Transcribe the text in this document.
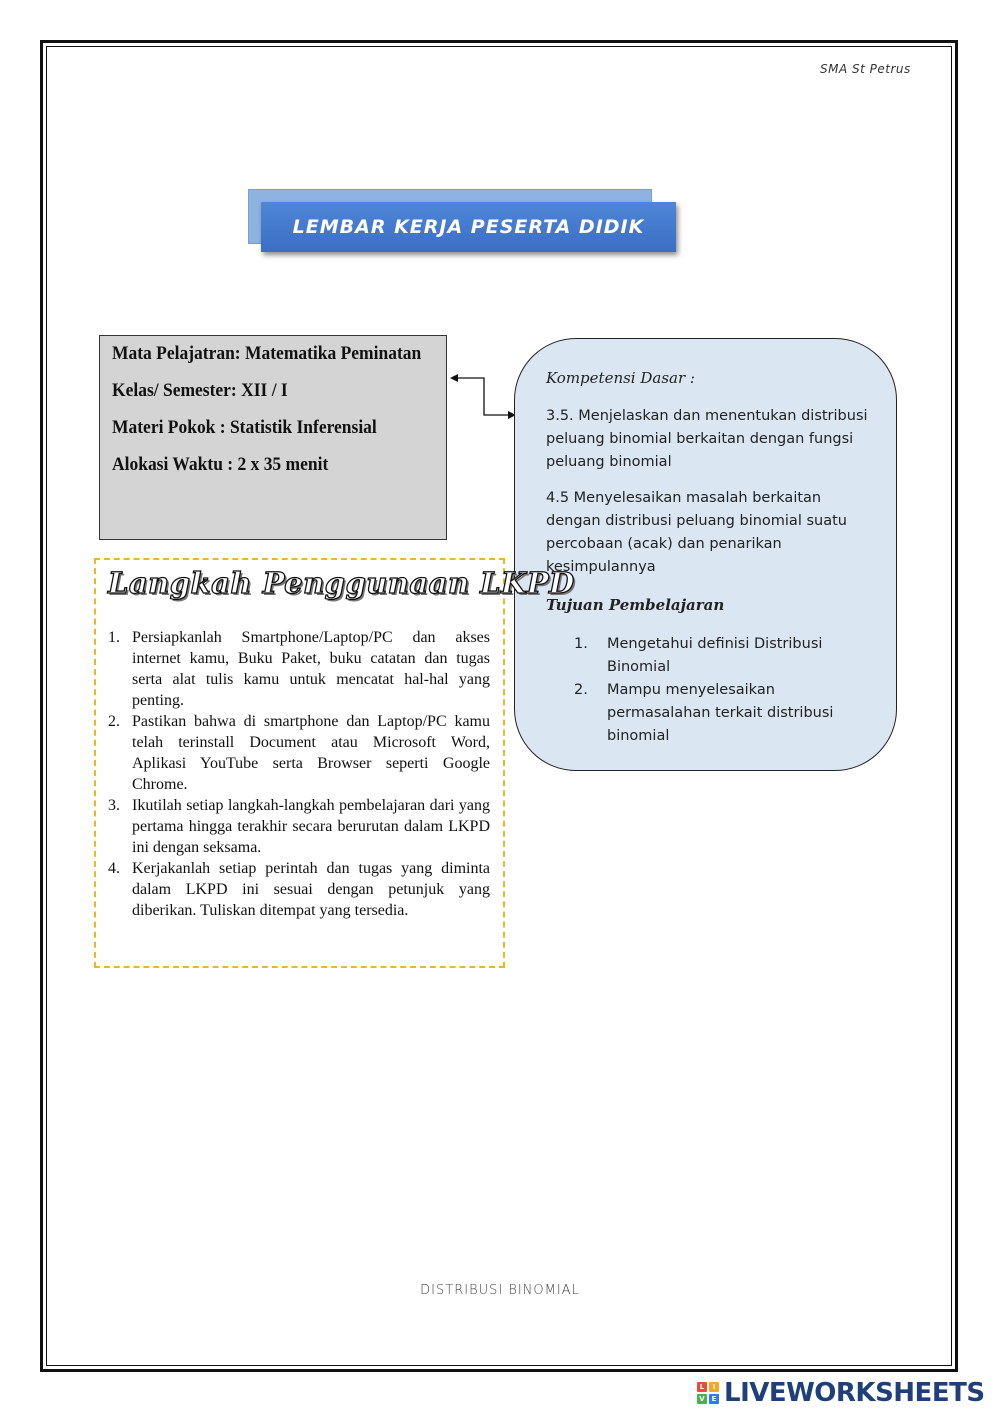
SMA St Petrus
LEMBAR KERJA PESERTA DIDIK
Mata Pelajatran: Matematika Peminatan
Kelas/ Semester: XII / I
Materi Pokok : Statistik Inferensial
Alokasi Waktu : 2 x 35 menit
Kompetensi Dasar :
3.5. Menjelaskan dan menentukan distribusi peluang binomial berkaitan dengan fungsi peluang binomial
4.5 Menyelesaikan masalah berkaitan dengan distribusi peluang binomial suatu percobaan (acak) dan penarikan kesimpulannya
Tujuan Pembelajaran
1.	Mengetahui definisi Distribusi Binomial
2.	Mampu menyelesaikan permasalahan terkait distribusi binomial
Langkah Penggunaan LKPD
1. Persiapkanlah Smartphone/Laptop/PC dan akses internet kamu, Buku Paket, buku catatan dan tugas serta alat tulis kamu untuk mencatat hal-hal yang penting.
2. Pastikan bahwa di smartphone dan Laptop/PC kamu telah terinstall Document atau Microsoft Word, Aplikasi YouTube serta Browser seperti Google Chrome.
3. Ikutilah setiap langkah-langkah pembelajaran dari yang pertama hingga terakhir secara berurutan dalam LKPD ini dengan seksama.
4. Kerjakanlah setiap perintah dan tugas yang diminta dalam LKPD ini sesuai dengan petunjuk yang diberikan. Tuliskan ditempat yang tersedia.
DISTRIBUSI BINOMIAL
L	I
V E LIVEWORKSHEETS
